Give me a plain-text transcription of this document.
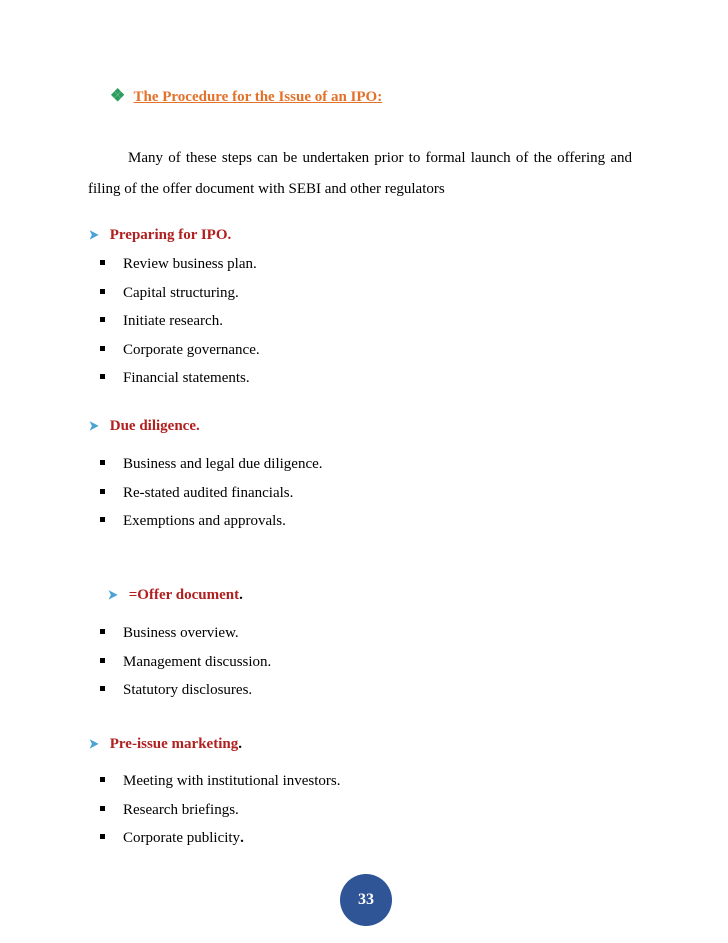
❖ The Procedure for the Issue of an IPO:
Many of these steps can be undertaken prior to formal launch of the offering and filing of the offer document with SEBI and other regulators
➤ Preparing for IPO.
Review business plan.
Capital structuring.
Initiate research.
Corporate governance.
Financial statements.
➤ Due diligence.
Business and legal due diligence.
Re-stated audited financials.
Exemptions and approvals.
➤ =Offer document.
Business overview.
Management discussion.
Statutory disclosures.
➤ Pre-issue marketing.
Meeting with institutional investors.
Research briefings.
Corporate publicity.
33
